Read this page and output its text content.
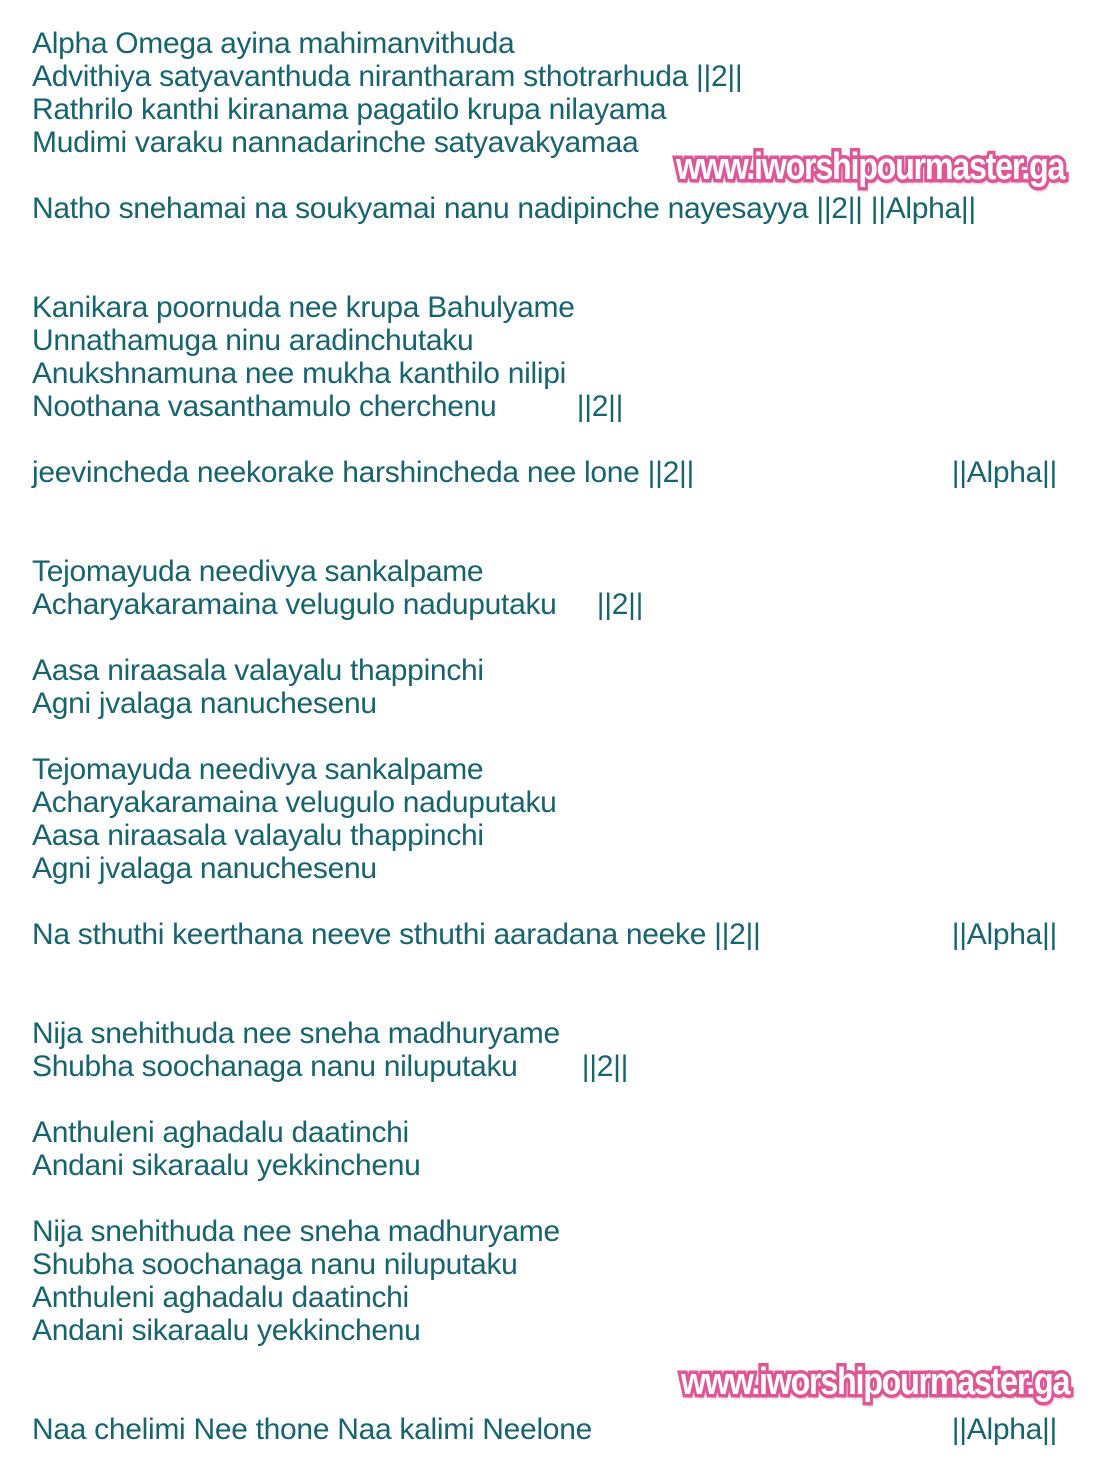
Alpha Omega ayina mahimanvithuda
Advithiya satyavanthuda nirantharam sthotrarhuda ||2||
Rathrilo kanthi kiranama pagatilo krupa nilayama
Mudimi varaku nannadarinche satyavakyamaa

Natho snehamai na soukyamai nanu nadipinche nayesayya ||2|| ||Alpha||

Kanikara poornuda nee krupa Bahulyame
Unnathamuga ninu aradinchutaku
Anukshnamuna nee mukha kanthilo nilipi
Noothana vasanthamulo cherchenu          ||2||

jeevincheda neekorake harshincheda nee lone ||2||	||Alpha||

Tejomayuda needivya sankalpame
Acharyakaramaina velugulo naduputaku     ||2||

Aasa niraasala valayalu thappinchi
Agni jvalaga nanuchesenu

Tejomayuda needivya sankalpame
Acharyakaramaina velugulo naduputaku
Aasa niraasala valayalu thappinchi
Agni jvalaga nanuchesenu

Na sthuthi keerthana neeve sthuthi aaradana neeke ||2||	||Alpha||

Nija snehithuda nee sneha madhuryame
Shubha soochanaga nanu niluputaku        ||2||

Anthuleni aghadalu daatinchi
Andani sikaraalu yekkinchenu

Nija snehithuda nee sneha madhuryame
Shubha soochanaga nanu niluputaku
Anthuleni aghadalu daatinchi
Andani sikaraalu yekkinchenu

Naa chelimi Nee thone Naa kalimi Neelone	||Alpha||
www.iworshipourmaster.ga www.iworshipourmaster.ga
www.iworshipourmaster.ga www.iworshipourmaster.ga
